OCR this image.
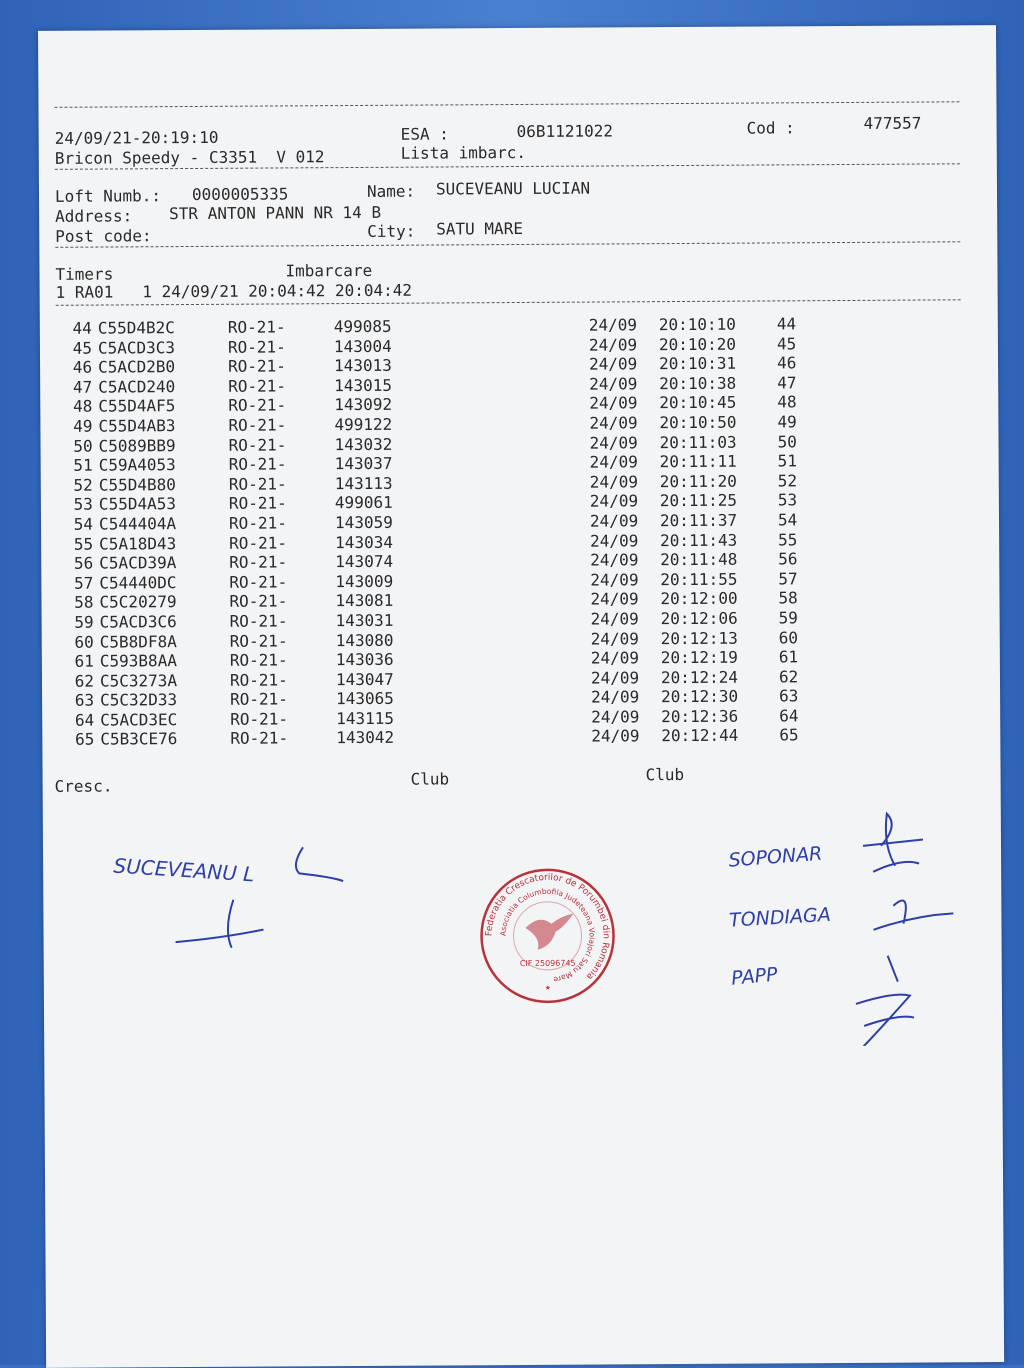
24/09/21-20:19:10	ESA :	06B1121022	Cod :	477557
Bricon Speedy - C3351  V 012	Lista imbarc.
Loft Numb.: 0000005335	Name: SUCEVEANU LUCIAN
Address: STR ANTON PANN NR 14 B
Post code:	City: SATU MARE
Timers	Imbarcare
1 RA01   1 24/09/21 20:04:42 20:04:42
44	C55D4B2C	RO-21-	499085	24/09	20:10:10	44
45	C5ACD3C3	RO-21-	143004	24/09	20:10:20	45
46	C5ACD2B0	RO-21-	143013	24/09	20:10:31	46
47	C5ACD240	RO-21-	143015	24/09	20:10:38	47
48	C55D4AF5	RO-21-	143092	24/09	20:10:45	48
49	C55D4AB3	RO-21-	499122	24/09	20:10:50	49
50	C5089BB9	RO-21-	143032	24/09	20:11:03	50
51	C59A4053	RO-21-	143037	24/09	20:11:11	51
52	C55D4B80	RO-21-	143113	24/09	20:11:20	52
53	C55D4A53	RO-21-	499061	24/09	20:11:25	53
54	C544404A	RO-21-	143059	24/09	20:11:37	54
55	C5A18D43	RO-21-	143034	24/09	20:11:43	55
56	C5ACD39A	RO-21-	143074	24/09	20:11:48	56
57	C54440DC	RO-21-	143009	24/09	20:11:55	57
58	C5C20279	RO-21-	143081	24/09	20:12:00	58
59	C5ACD3C6	RO-21-	143031	24/09	20:12:06	59
60	C5B8DF8A	RO-21-	143080	24/09	20:12:13	60
61	C593B8AA	RO-21-	143036	24/09	20:12:19	61
62	C5C3273A	RO-21-	143047	24/09	20:12:24	62
63	C5C32D33	RO-21-	143065	24/09	20:12:30	63
64	C5ACD3EC	RO-21-	143115	24/09	20:12:36	64
65	C5B3CE76	RO-21-	143042	24/09	20:12:44	65
Cresc.	Club	Club
SUCEVEANU L
Federatia Crescatorilor de Porumbei din Romania
Asociatia Columbofila Judeteana Voiajori Satu Mare
CIF 25096745
★
SOPONAR
TONDIAGA
PAPP
